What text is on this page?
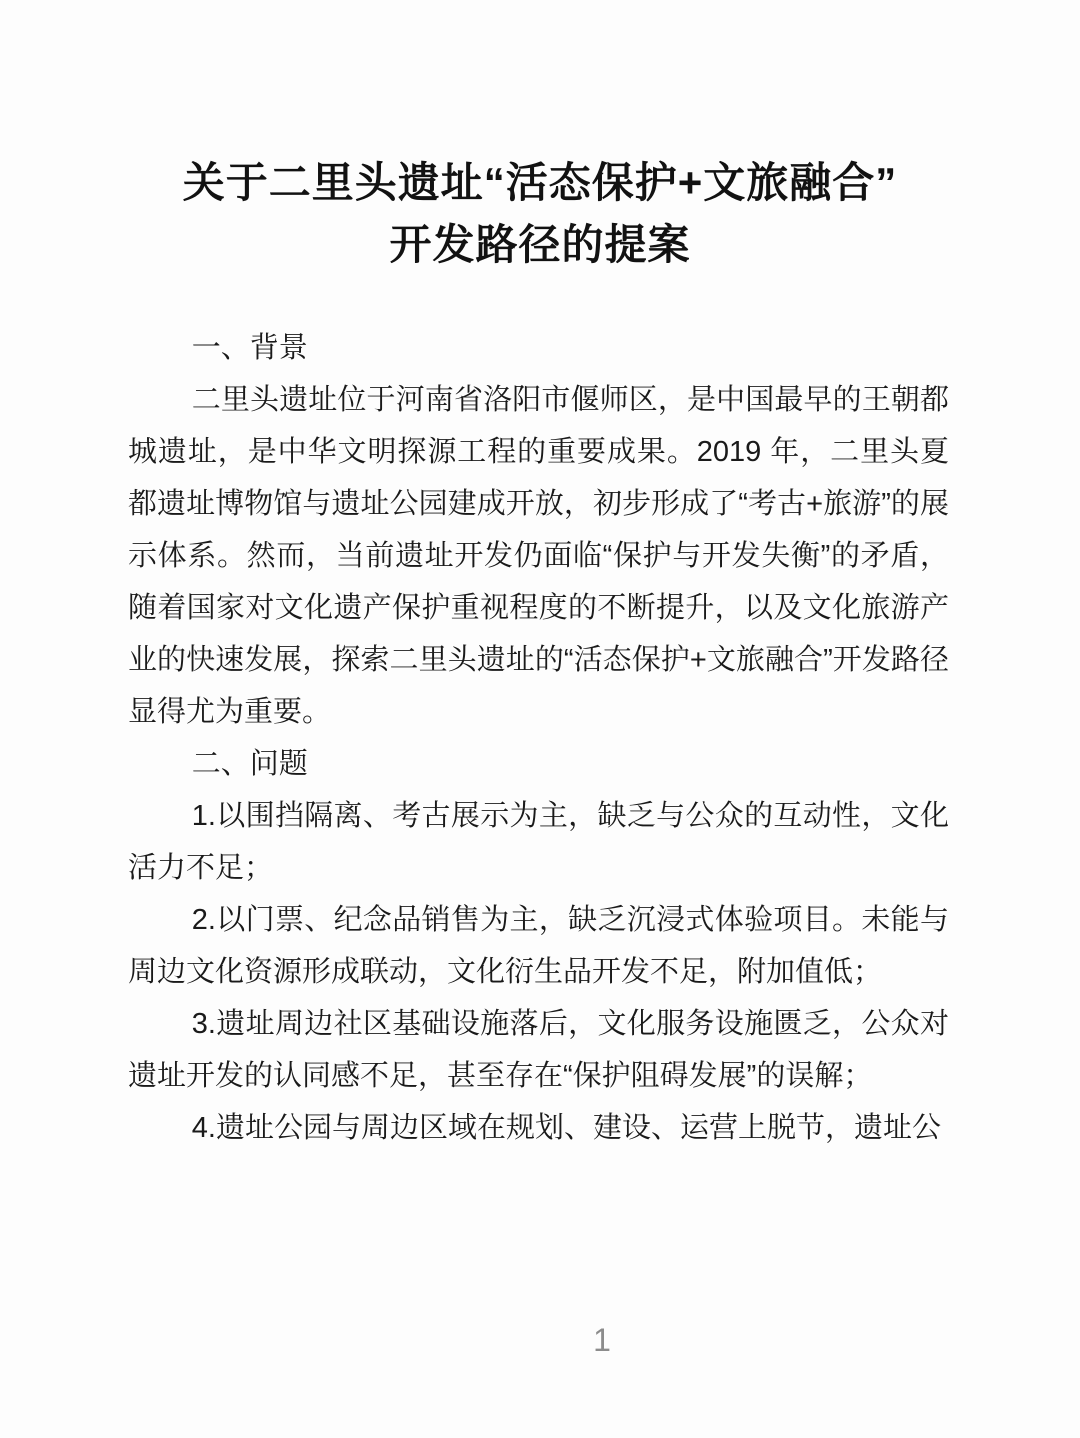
关于二里头遗址“活态保护+文旅融合”
开发路径的提案

一、背景

二里头遗址位于河南省洛阳市偃师区，是中国最早的王朝都城遗址，是中华文明探源工程的重要成果。2019 年，二里头夏都遗址博物馆与遗址公园建成开放，初步形成了“考古+旅游”的展示体系。然而，当前遗址开发仍面临“保护与开发失衡”的矛盾，随着国家对文化遗产保护重视程度的不断提升，以及文化旅游产业的快速发展，探索二里头遗址的“活态保护+文旅融合”开发路径显得尤为重要。

二、问题

1.以围挡隔离、考古展示为主，缺乏与公众的互动性，文化活力不足；

2.以门票、纪念品销售为主，缺乏沉浸式体验项目。未能与周边文化资源形成联动，文化衍生品开发不足，附加值低；

3.遗址周边社区基础设施落后，文化服务设施匮乏，公众对遗址开发的认同感不足，甚至存在“保护阻碍发展”的误解；

4.遗址公园与周边区域在规划、建设、运营上脱节，遗址公

1
